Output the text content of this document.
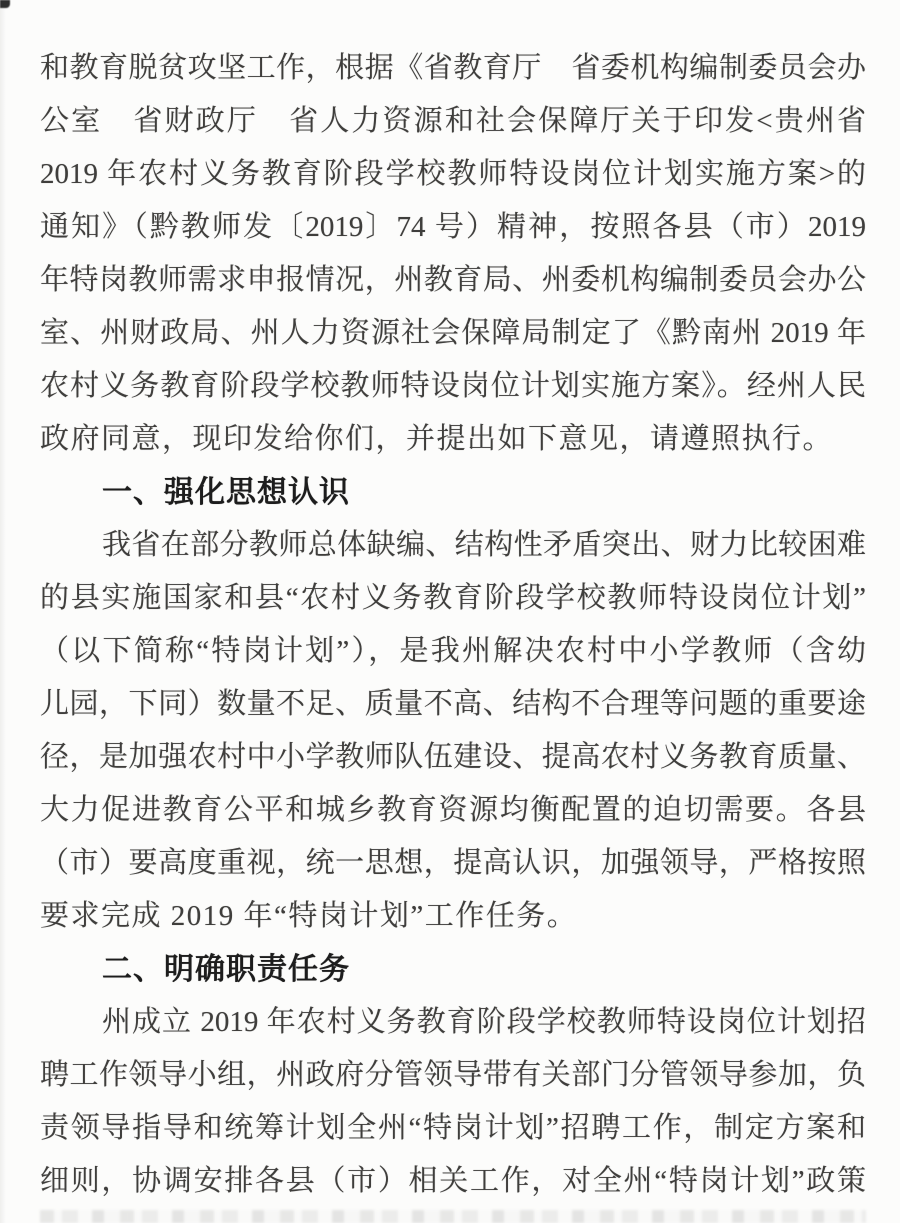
和教育脱贫攻坚工作，根据《省教育厅　省委机构编制委员会办
公室　省财政厅　省人力资源和社会保障厅关于印发<贵州省
2019 年农村义务教育阶段学校教师特设岗位计划实施方案>的
通知》（黔教师发〔2019〕74 号）精神，按照各县（市）2019
年特岗教师需求申报情况，州教育局、州委机构编制委员会办公
室、州财政局、州人力资源社会保障局制定了《黔南州 2019 年
农村义务教育阶段学校教师特设岗位计划实施方案》。经州人民
政府同意，现印发给你们，并提出如下意见，请遵照执行。
一、强化思想认识
我省在部分教师总体缺编、结构性矛盾突出、财力比较困难
的县实施国家和县“农村义务教育阶段学校教师特设岗位计划”
（以下简称“特岗计划”），是我州解决农村中小学教师（含幼
儿园，下同）数量不足、质量不高、结构不合理等问题的重要途
径，是加强农村中小学教师队伍建设、提高农村义务教育质量、
大力促进教育公平和城乡教育资源均衡配置的迫切需要。各县
（市）要高度重视，统一思想，提高认识，加强领导，严格按照
要求完成 2019 年“特岗计划”工作任务。
二、明确职责任务
州成立 2019 年农村义务教育阶段学校教师特设岗位计划招
聘工作领导小组，州政府分管领导带有关部门分管领导参加，负
责领导指导和统筹计划全州“特岗计划”招聘工作，制定方案和
细则，协调安排各县（市）相关工作，对全州“特岗计划”政策
